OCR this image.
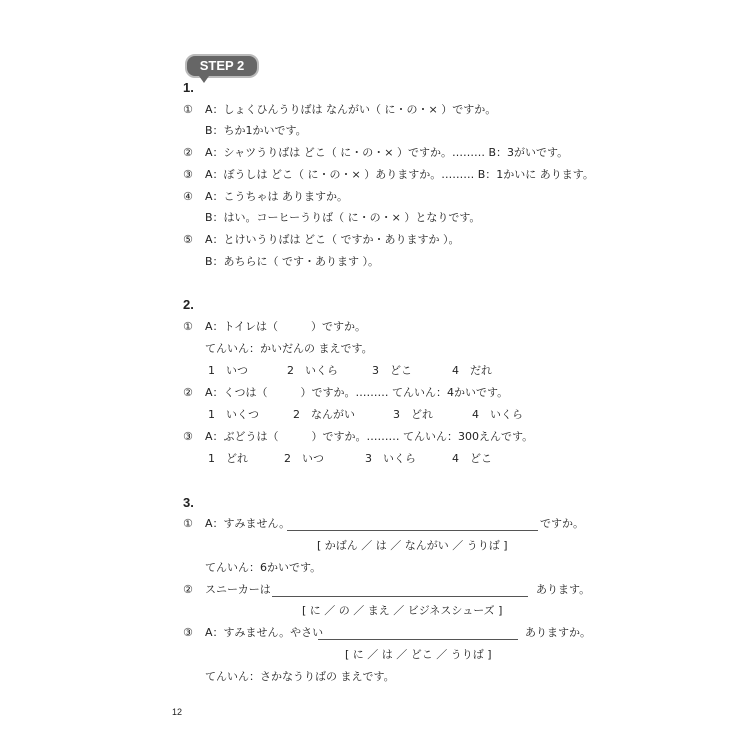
STEP 2
1.
① A：しょくひんうりばは なんがい（ に・の・× ）ですか。
B：ちか1かいです。
② A：シャツうりばは どこ（ に・の・× ）ですか。……… B：3がいです。
③ A：ぼうしは どこ（ に・の・× ）ありますか。……… B：1かいに あります。
④ A：こうちゃは ありますか。
B：はい。コーヒーうりば（ に・の・× ）となりです。
⑤ A：とけいうりばは どこ（ ですか・ありますか ）。
B：あちらに（ です・あります ）。
2.
① A：トイレは（　　　）ですか。
てんいん：かいだんの まえです。
1　いつ	2　いくら	3　どこ	4　だれ
② A：くつは（　　　）ですか。……… てんいん：4かいです。
1　いくつ	2　なんがい	3　どれ	4　いくら
③ A：ぶどうは（　　　）ですか。……… てんいん：300えんです。
1　どれ	2　いつ	3　いくら	4　どこ
3.
① A：すみません。	ですか。
[ かばん ／ は ／ なんがい ／ うりば ]
てんいん：6かいです。
② スニーカーは	あります。
[ に ／ の ／ まえ ／ ビジネスシューズ ]
③ A：すみません。やさい	ありますか。
[ に ／ は ／ どこ ／ うりば ]
てんいん：さかなうりばの まえです。
12
